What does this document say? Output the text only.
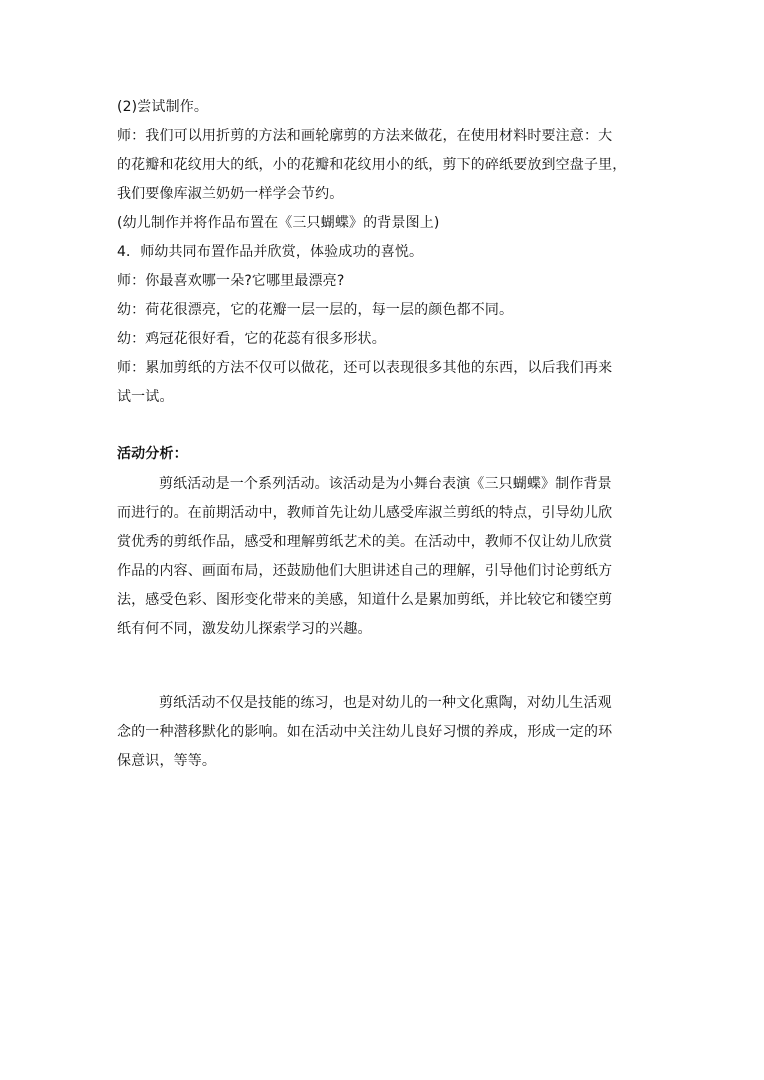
(2)尝试制作。
师：我们可以用折剪的方法和画轮廓剪的方法来做花，在使用材料时要注意：大
的花瓣和花纹用大的纸，小的花瓣和花纹用小的纸，剪下的碎纸要放到空盘子里，
我们要像库淑兰奶奶一样学会节约。
(幼儿制作并将作品布置在《三只蝴蝶》的背景图上)
4．师幼共同布置作品并欣赏，体验成功的喜悦。
师：你最喜欢哪一朵?它哪里最漂亮?
幼：荷花很漂亮，它的花瓣一层一层的，每一层的颜色都不同。
幼：鸡冠花很好看，它的花蕊有很多形状。
师：累加剪纸的方法不仅可以做花，还可以表现很多其他的东西，以后我们再来
试一试。
活动分析：
剪纸活动是一个系列活动。该活动是为小舞台表演《三只蝴蝶》制作背景
而进行的。在前期活动中，教师首先让幼儿感受库淑兰剪纸的特点，引导幼儿欣
赏优秀的剪纸作品，感受和理解剪纸艺术的美。在活动中，教师不仅让幼儿欣赏
作品的内容、画面布局，还鼓励他们大胆讲述自己的理解，引导他们讨论剪纸方
法，感受色彩、图形变化带来的美感，知道什么是累加剪纸，并比较它和镂空剪
纸有何不同，激发幼儿探索学习的兴趣。
剪纸活动不仅是技能的练习，也是对幼儿的一种文化熏陶，对幼儿生活观
念的一种潜移默化的影响。如在活动中关注幼儿良好习惯的养成，形成一定的环
保意识，等等。
